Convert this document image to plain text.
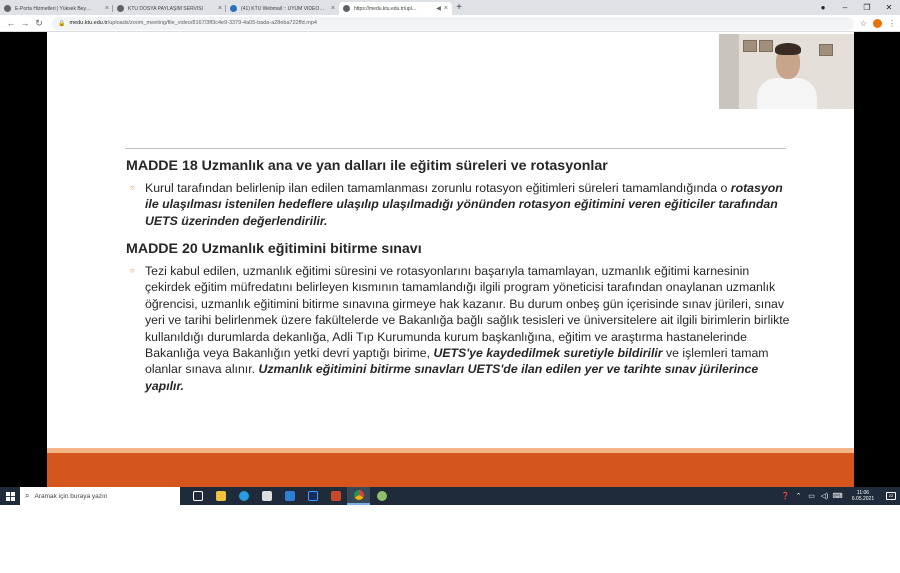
E-Porta Hizmetleri | Yüksek Bey…	×	KTÜ DOSYA PAYLAŞIM SERVİSİ	×	(41) KTÜ Webmail :: UYUM VİDEO… ×	https://medu.ktu.edu.tr/upl…	◀ × +	●	–	❐	✕
← → ↻	🔒 medu.ktu.edu.tr /uploads/zoom_meeting/file_video/8167/3ff3c4e9-3379-4a05-bada-a28eba722ffd.mp4	☆	⋮
MADDE 18 Uzmanlık ana ve yan dalları ile eğitim süreleri ve rotasyonlar
○ Kurul tarafından belirlenip ilan edilen tamamlanması zorunlu rotasyon eğitimleri süreleri tamamlandığında o rotasyon ile ulaşılması istenilen hedeflere ulaşılıp ulaşılmadığı yönünden rotasyon eğitimini veren eğiticiler tarafından UETS üzerinden değerlendirilir.

MADDE 20 Uzmanlık eğitimini bitirme sınavı
○ Tezi kabul edilen, uzmanlık eğitimi süresini ve rotasyonlarını başarıyla tamamlayan, uzmanlık eğitimi karnesinin çekirdek eğitim müfredatını belirleyen kısmının tamamlandığı ilgili program yöneticisi tarafından onaylanan uzmanlık öğrencisi, uzmanlık eğitimini bitirme sınavına girmeye hak kazanır. Bu durum onbeş gün içerisinde sınav jürileri, sınav yeri ve tarihi belirlenmek üzere fakültelerde ve Bakanlığa bağlı sağlık tesisleri ve üniversitelere ait ilgili birimlerin birlikte kullanıldığı durumlarda dekanlığa, Adli Tıp Kurumunda kurum başkanlığına, eğitim ve araştırma hastanelerinde Bakanlığa veya Bakanlığın yetki devri yaptığı birime, UETS'ye kaydedilmek suretiyle bildirilir ve işlemleri tamam olanlar sınava alınır. Uzmanlık eğitimini bitirme sınavları UETS'de ilan edilen yer ve tarihte sınav jürilerince yapılır.

⌕ Aramak için buraya yazın	❓ ⌃ ▭ ◁) ⌨
11:06
6.05.2021
22
